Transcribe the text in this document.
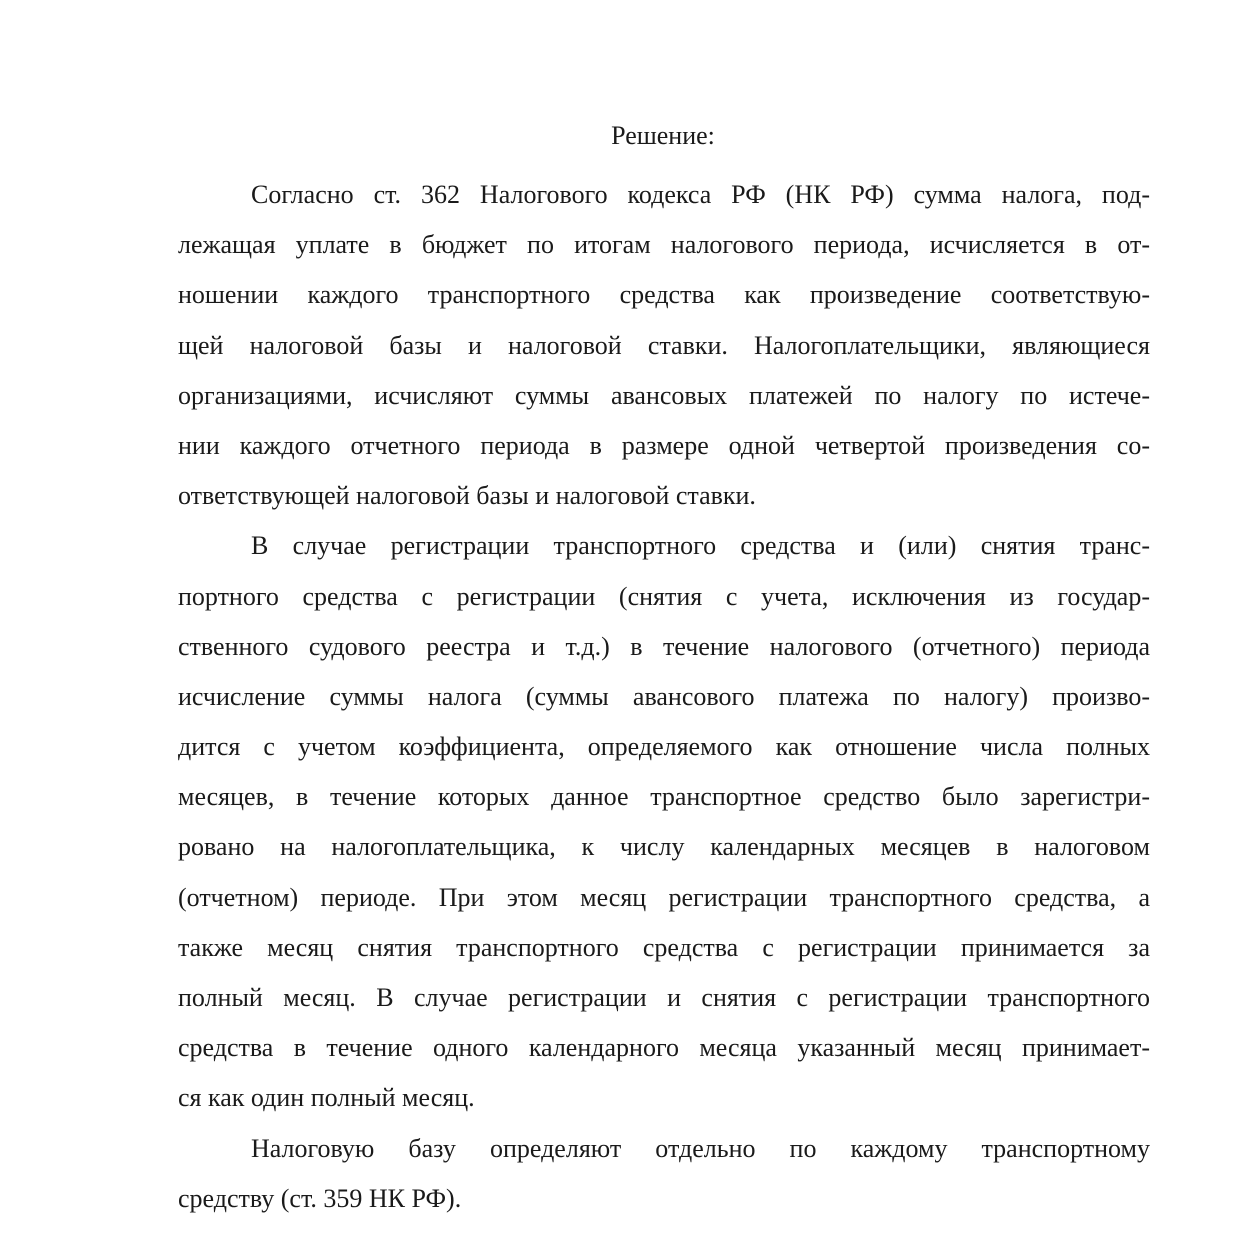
Решение:
Согласно ст. 362 Налогового кодекса РФ (НК РФ) сумма налога, под-
лежащая уплате в бюджет по итогам налогового периода, исчисляется в от-
ношении каждого транспортного средства как произведение соответствую-
щей налоговой базы и налоговой ставки. Налогоплательщики, являющиеся
организациями, исчисляют суммы авансовых платежей по налогу по истече-
нии каждого отчетного периода в размере одной четвертой произведения со-
ответствующей налоговой базы и налоговой ставки.
В случае регистрации транспортного средства и (или) снятия транс-
портного средства с регистрации (снятия с учета, исключения из государ-
ственного судового реестра и т.д.) в течение налогового (отчетного) периода
исчисление суммы налога (суммы авансового платежа по налогу) произво-
дится с учетом коэффициента, определяемого как отношение числа полных
месяцев, в течение которых данное транспортное средство было зарегистри-
ровано на налогоплательщика, к числу календарных месяцев в налоговом
(отчетном) периоде. При этом месяц регистрации транспортного средства, а
также месяц снятия транспортного средства с регистрации принимается за
полный месяц. В случае регистрации и снятия с регистрации транспортного
средства в течение одного календарного месяца указанный месяц принимает-
ся как один полный месяц.
Налоговую базу определяют отдельно по каждому транспортному
средству (ст. 359 НК РФ).
